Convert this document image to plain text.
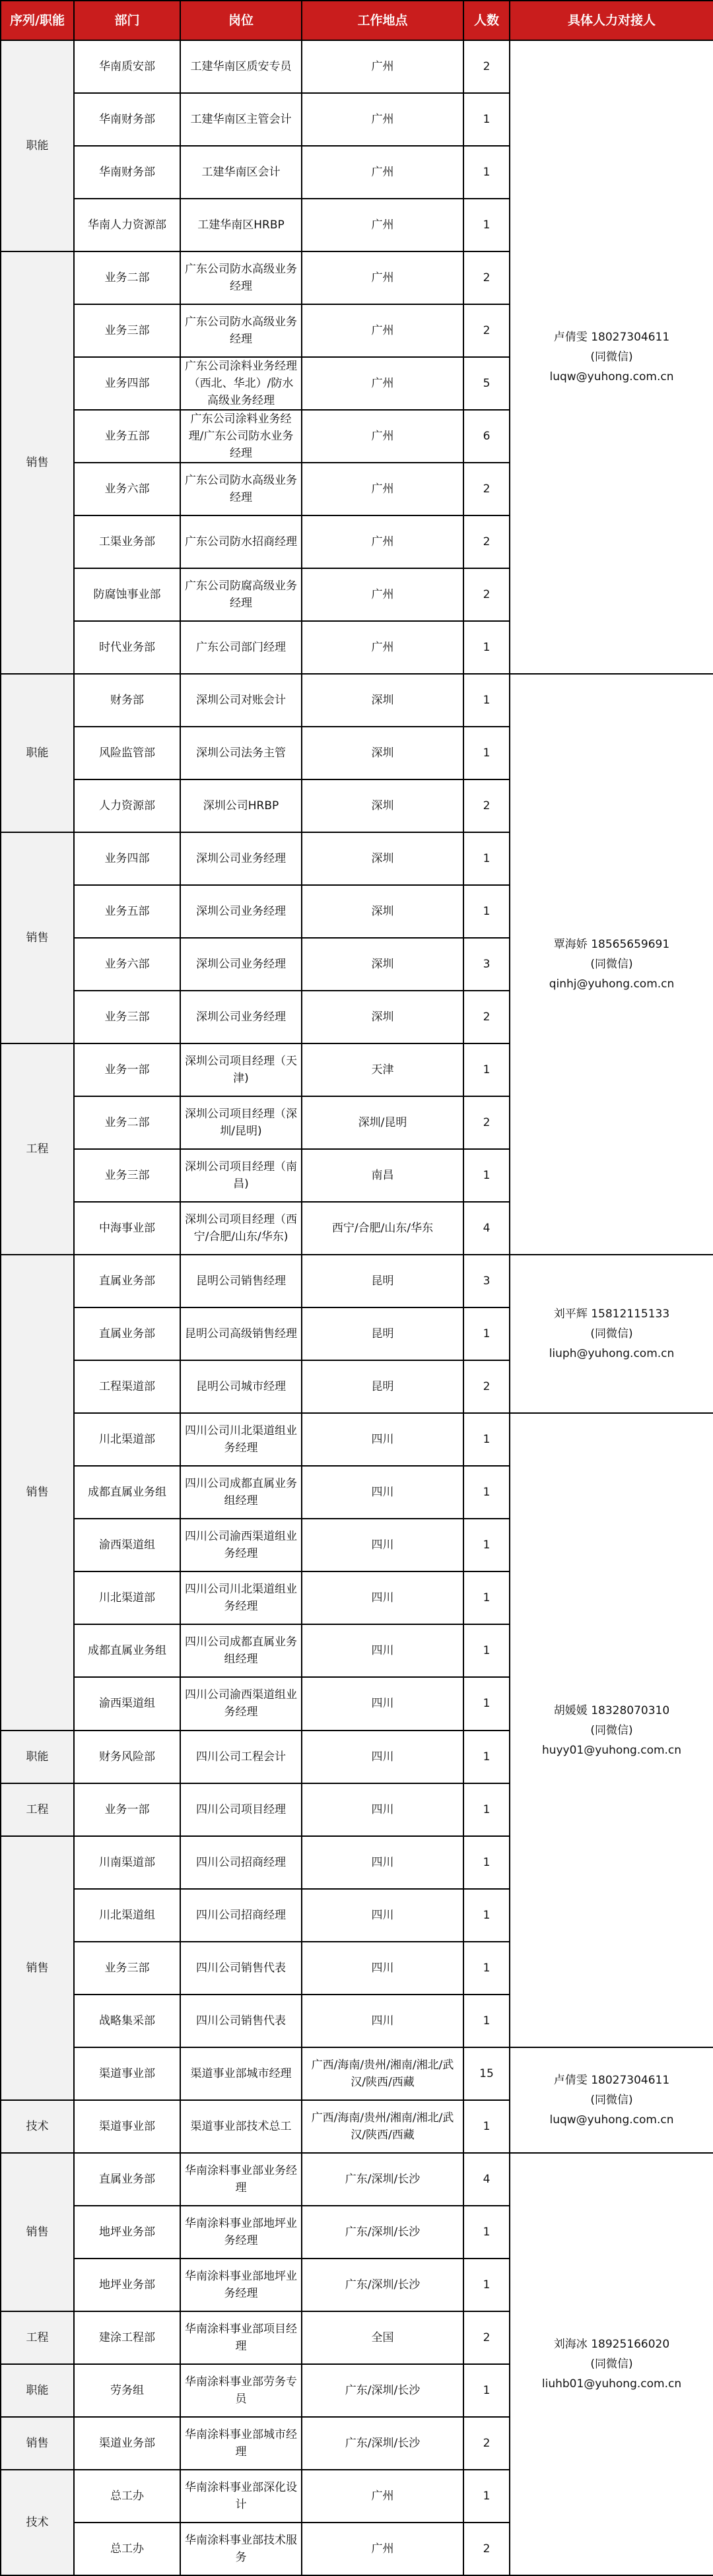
序列/职能	部门	岗位	工作地点	人数	具体人力对接人
职能	华南质安部	工建华南区质安专员	广州	2	卢倩雯 18027304611
(同微信)
luqw@yuhong.com.cn

	华南财务部	工建华南区主管会计	广州	1	
	华南财务部	工建华南区会计	广州	1	
	华南人力资源部	工建华南区HRBP	广州	1	
销售	业务二部	广东公司防水高级业务经理	广州	2	
	业务三部	广东公司防水高级业务经理	广州	2	
	业务四部	广东公司涂料业务经理（西北、华北）/防水高级业务经理	广州	5	
	业务五部	广东公司涂料业务经理/广东公司防水业务经理	广州	6	
	业务六部	广东公司防水高级业务经理	广州	2	
	工渠业务部	广东公司防水招商经理	广州	2	
	防腐蚀事业部	广东公司防腐高级业务经理	广州	2	
	时代业务部	广东公司部门经理	广州	1	
职能	财务部	深圳公司对账会计	深圳	1	覃海娇 18565659691
(同微信)
qinhj@yuhong.com.cn

	风险监管部	深圳公司法务主管	深圳	1	
	人力资源部	深圳公司HRBP	深圳	2	
销售	业务四部	深圳公司业务经理	深圳	1	
	业务五部	深圳公司业务经理	深圳	1	
	业务六部	深圳公司业务经理	深圳	3	
	业务三部	深圳公司业务经理	深圳	2	
工程	业务一部	深圳公司项目经理（天津)	天津	1	
	业务二部	深圳公司项目经理（深圳/昆明)	深圳/昆明	2	
	业务三部	深圳公司项目经理（南昌)	南昌	1	
	中海事业部	深圳公司项目经理（西宁/合肥/山东/华东)	西宁/合肥/山东/华东	4	
销售	直属业务部	昆明公司销售经理	昆明	3	刘平辉 15812115133
(同微信)
liuph@yuhong.com.cn

	直属业务部	昆明公司高级销售经理	昆明	1	
	工程渠道部	昆明公司城市经理	昆明	2	
	川北渠道部	四川公司川北渠道组业务经理	四川	1	胡媛媛 18328070310
(同微信)
huyy01@yuhong.com.cn

	成都直属业务组	四川公司成都直属业务组经理	四川	1	
	渝西渠道组	四川公司渝西渠道组业务经理	四川	1	
	川北渠道部	四川公司川北渠道组业务经理	四川	1	
	成都直属业务组	四川公司成都直属业务组经理	四川	1	
	渝西渠道组	四川公司渝西渠道组业务经理	四川	1	
职能	财务风险部	四川公司工程会计	四川	1	
工程	业务一部	四川公司项目经理	四川	1	
销售	川南渠道部	四川公司招商经理	四川	1	
	川北渠道组	四川公司招商经理	四川	1	
	业务三部	四川公司销售代表	四川	1	
	战略集采部	四川公司销售代表	四川	1	
	渠道事业部	渠道事业部城市经理	广西/海南/贵州/湘南/湘北/武汉/陕西/西藏	15	卢倩雯 18027304611
(同微信)
luqw@yuhong.com.cn

技术	渠道事业部	渠道事业部技术总工	广西/海南/贵州/湘南/湘北/武汉/陕西/西藏	1	
销售	直属业务部	华南涂料事业部业务经理	广东/深圳/长沙	4	刘海冰 18925166020
(同微信)
liuhb01@yuhong.com.cn

	地坪业务部	华南涂料事业部地坪业务经理	广东/深圳/长沙	1	
	地坪业务部	华南涂料事业部地坪业务经理	广东/深圳/长沙	1	
工程	建涂工程部	华南涂料事业部项目经理	全国	2	
职能	劳务组	华南涂料事业部劳务专员	广东/深圳/长沙	1	
销售	渠道业务部	华南涂料事业部城市经理	广东/深圳/长沙	2	
技术	总工办	华南涂料事业部深化设计	广州	1	
	总工办	华南涂料事业部技术服务	广州	2	
